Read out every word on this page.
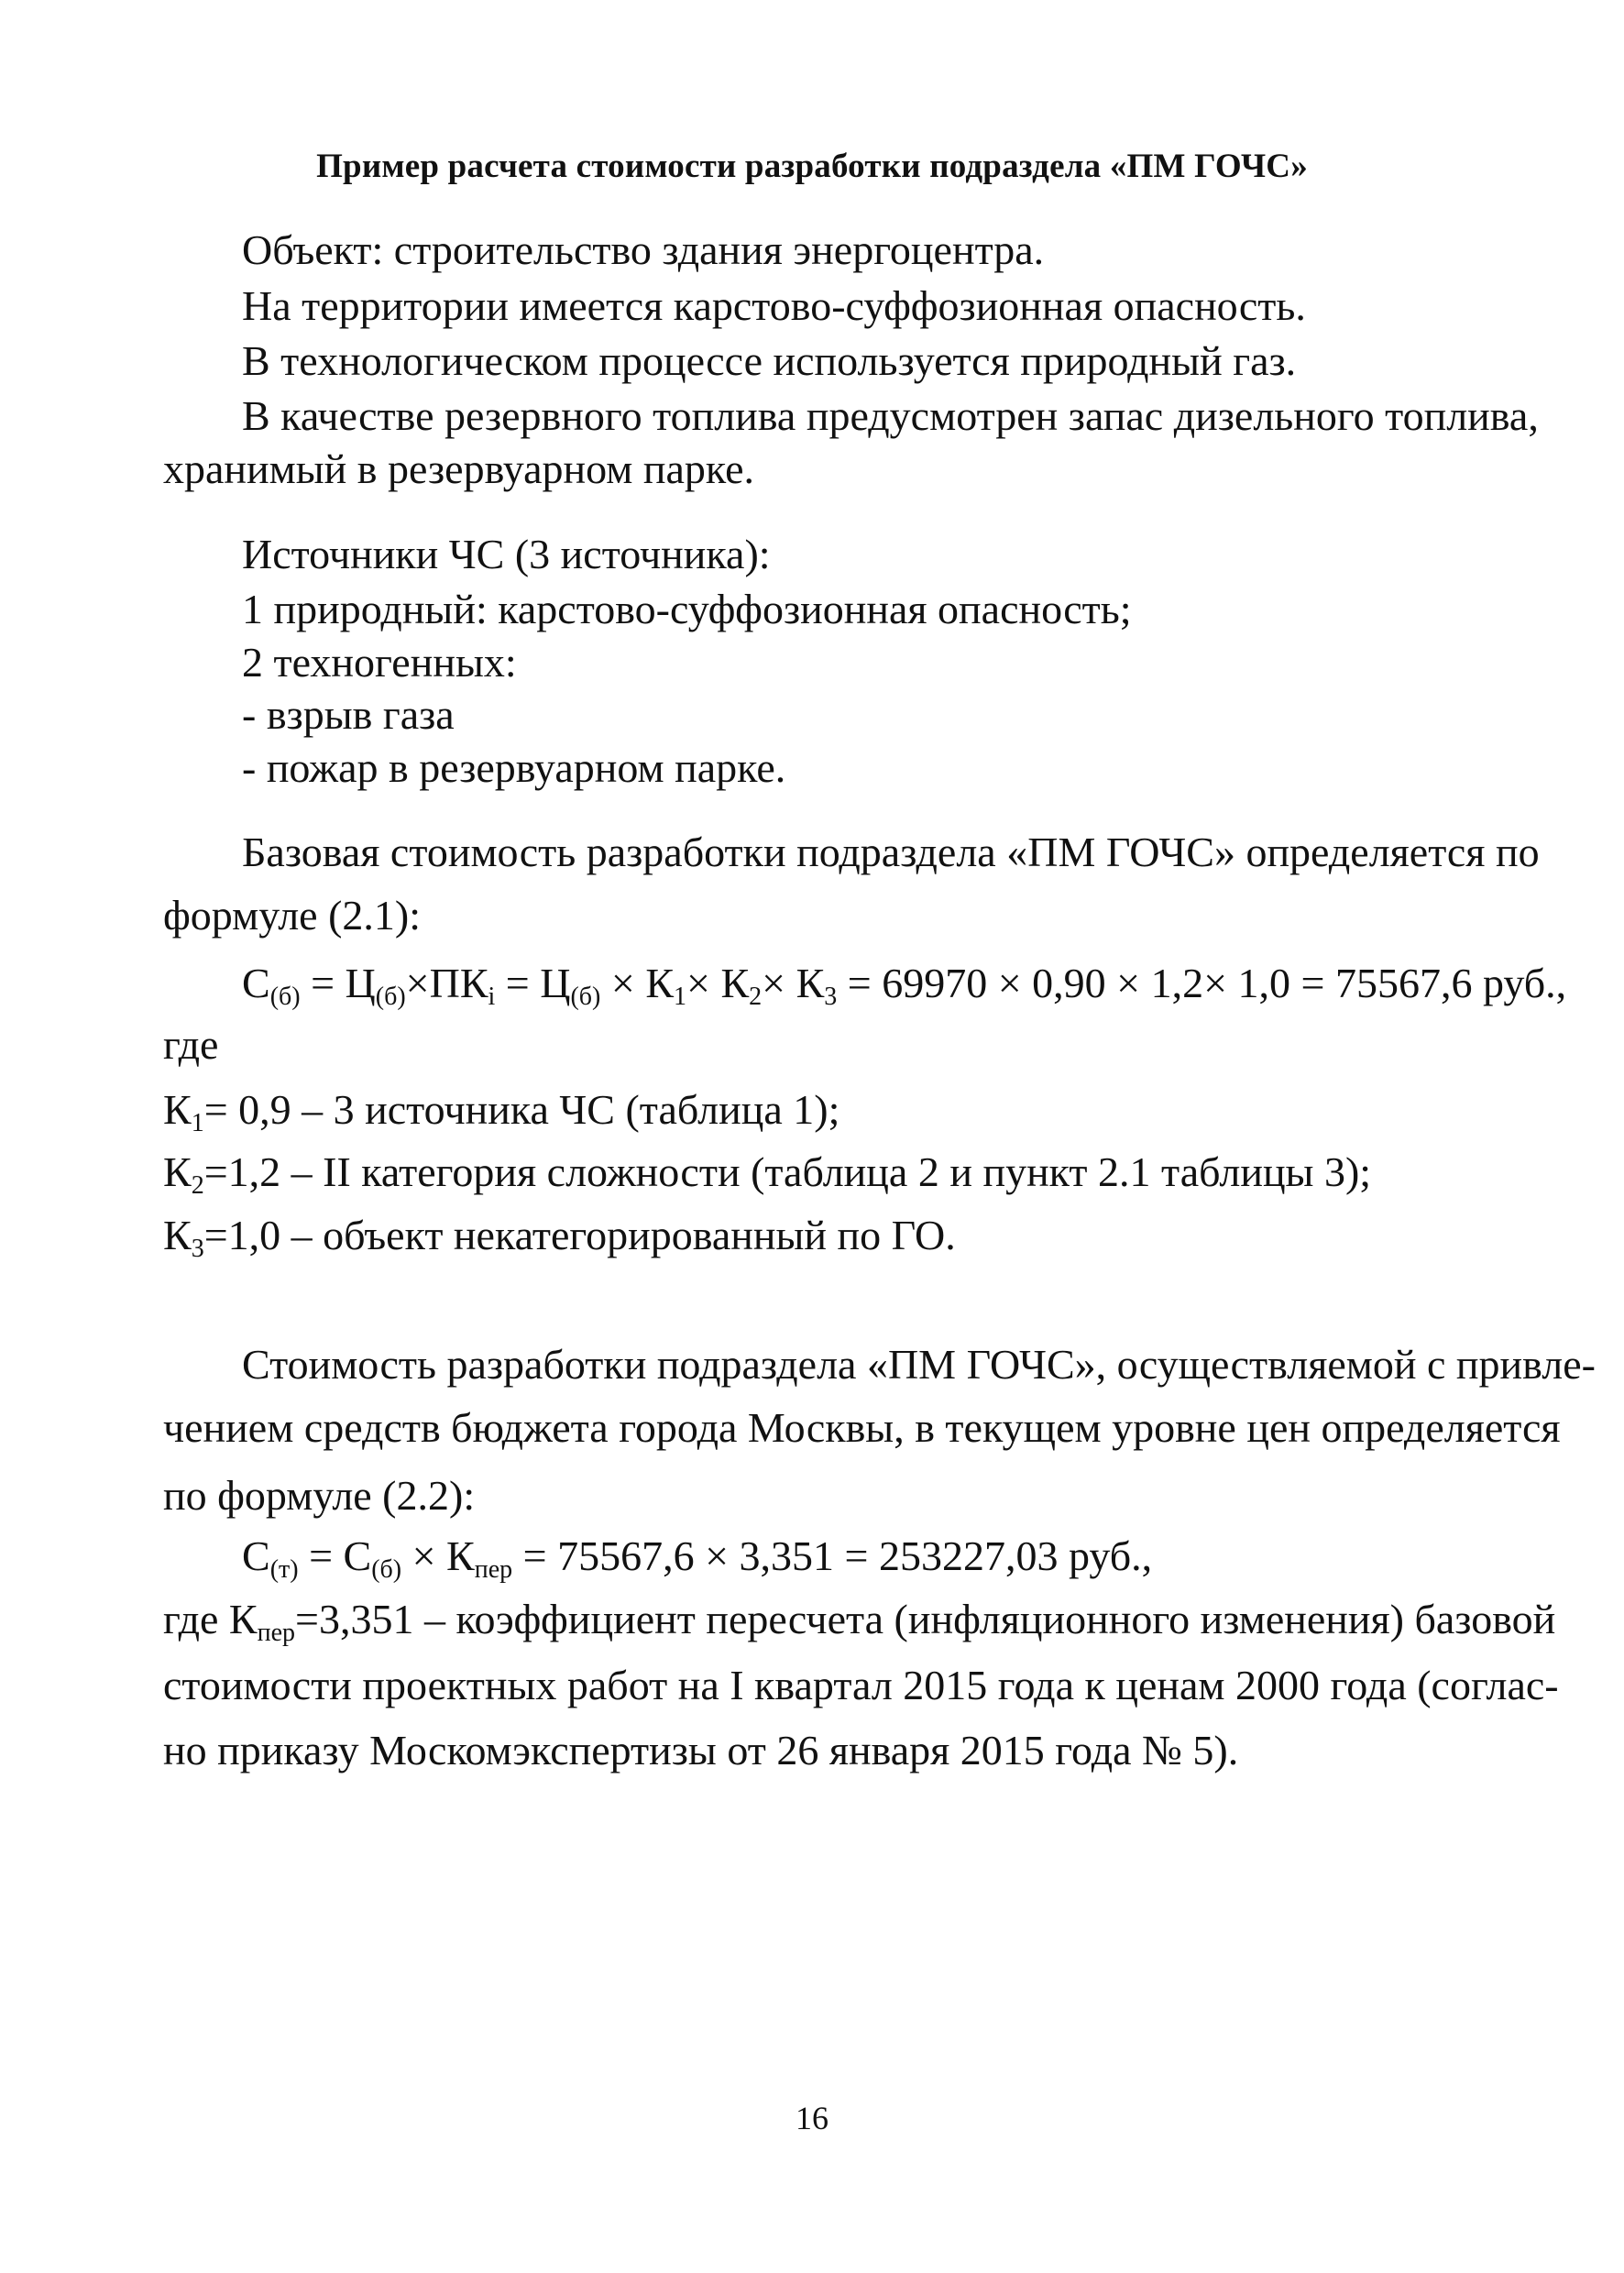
Пример расчета стоимости разработки подраздела «ПМ ГОЧС»
Объект: строительство здания энергоцентра.
На территории имеется карстово-суффозионная опасность.
В технологическом процессе используется природный газ.
В качестве резервного топлива предусмотрен запас дизельного топлива,
хранимый в резервуарном парке.
Источники ЧС (3 источника):
1 природный: карстово-суффозионная опасность;
2 техногенных:
- взрыв газа
- пожар в резервуарном парке.
Базовая стоимость разработки подраздела «ПМ ГОЧС» определяется по
формуле (2.1):
$С_{(б)} = Ц_{(б)}\times ПК_i = Ц_{(б)} \times К_1\times К_2\times К_3 = 69970 \times 0,90 \times 1,2\times 1,0 = 75567,6$ руб.,
где
$К_1= 0,9 - 3$ источника ЧС (таблица 1);
$К_2=1,2$ – II категория сложности (таблица 2 и пункт 2.1 таблицы 3);
$К_3=1,0$ – объект некатегорированный по ГО.
Стоимость разработки подраздела «ПМ ГОЧС», осуществляемой с привле-
чением средств бюджета города Москвы, в текущем уровне цен определяется
по формуле (2.2):
$С_{(т)} = С_{(б)} \times К_{пер} = 75567,6 \times 3,351 = 253227,03$ руб.,
где $К_{пер}=3,351$ – коэффициент пересчета (инфляционного изменения) базовой
стоимости проектных работ на I квартал 2015 года к ценам 2000 года (соглас-
но приказу Москомэкспертизы от 26 января 2015 года № 5).
16
